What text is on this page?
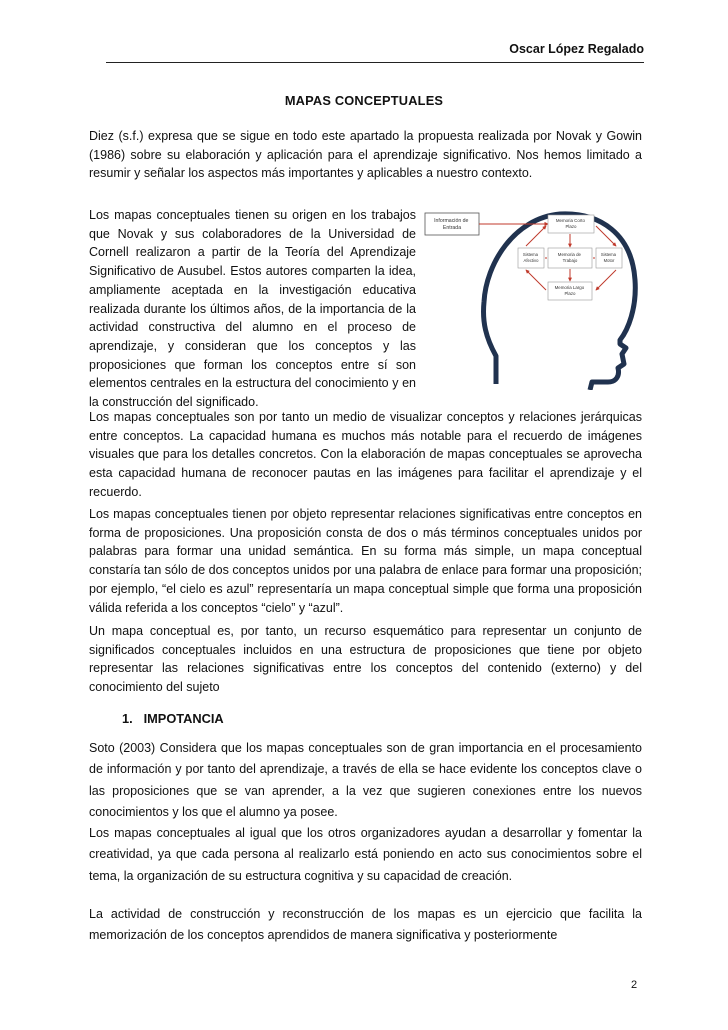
Oscar López Regalado
MAPAS CONCEPTUALES

Diez (s.f.) expresa que se sigue en todo este apartado la propuesta realizada por Novak y Gowin (1986) sobre su elaboración y aplicación para el aprendizaje significativo. Nos hemos limitado a resumir y señalar los aspectos más importantes y aplicables a nuestro contexto.

Los mapas conceptuales tienen su origen en los trabajos que Novak y sus colaboradores de la Universidad de Cornell realizaron a partir de la Teoría del Aprendizaje Significativo de Ausubel. Estos autores comparten la idea, ampliamente aceptada en la investigación educativa realizada durante los últimos años, de la importancia de la actividad constructiva del alumno en el proceso de aprendizaje, y consideran que los conceptos y las proposiciones que forman los conceptos entre sí son elementos centrales en la estructura del conocimiento y en la construcción del significado.

Información de Entrada
Memoria Corto Plazo
Sistema Afectivo
Memoria de Trabajo
Sistema Motor
Memoria Largo Plazo

Los mapas conceptuales son por tanto un medio de visualizar conceptos y relaciones jerárquicas entre conceptos. La capacidad humana es muchos más notable para el recuerdo de imágenes visuales que para los detalles concretos. Con la elaboración de mapas conceptuales se aprovecha esta capacidad humana de reconocer pautas en las imágenes para facilitar el aprendizaje y el recuerdo.

Los mapas conceptuales tienen por objeto representar relaciones significativas entre conceptos en forma de proposiciones. Una proposición consta de dos o más términos conceptuales unidos por palabras para formar una unidad semántica. En su forma más simple, un mapa conceptual constaría tan sólo de dos conceptos unidos por una palabra de enlace para formar una proposición; por ejemplo, “el cielo es azul” representaría un mapa conceptual simple que forma una proposición válida referida a los conceptos “cielo” y “azul”.

Un mapa conceptual es, por tanto, un recurso esquemático para representar un conjunto de significados conceptuales incluidos en una estructura de proposiciones que tiene por objeto representar las relaciones significativas entre los conceptos del contenido (externo) y del conocimiento del sujeto

1. IMPOTANCIA

Soto (2003) Considera que los mapas conceptuales son de gran importancia en el procesamiento de información y por tanto del aprendizaje, a través de ella se hace evidente los conceptos clave o las proposiciones que se van aprender, a la vez que sugieren conexiones entre los nuevos conocimientos y los que el alumno ya posee.

Los mapas conceptuales al igual que los otros organizadores ayudan a desarrollar y fomentar la creatividad, ya que cada persona al realizarlo está poniendo en acto sus conocimientos sobre el tema, la organización de su estructura cognitiva y su capacidad de creación.

La actividad de construcción y reconstrucción de los mapas es un ejercicio que facilita la memorización de los conceptos aprendidos de manera significativa y posteriormente

2
